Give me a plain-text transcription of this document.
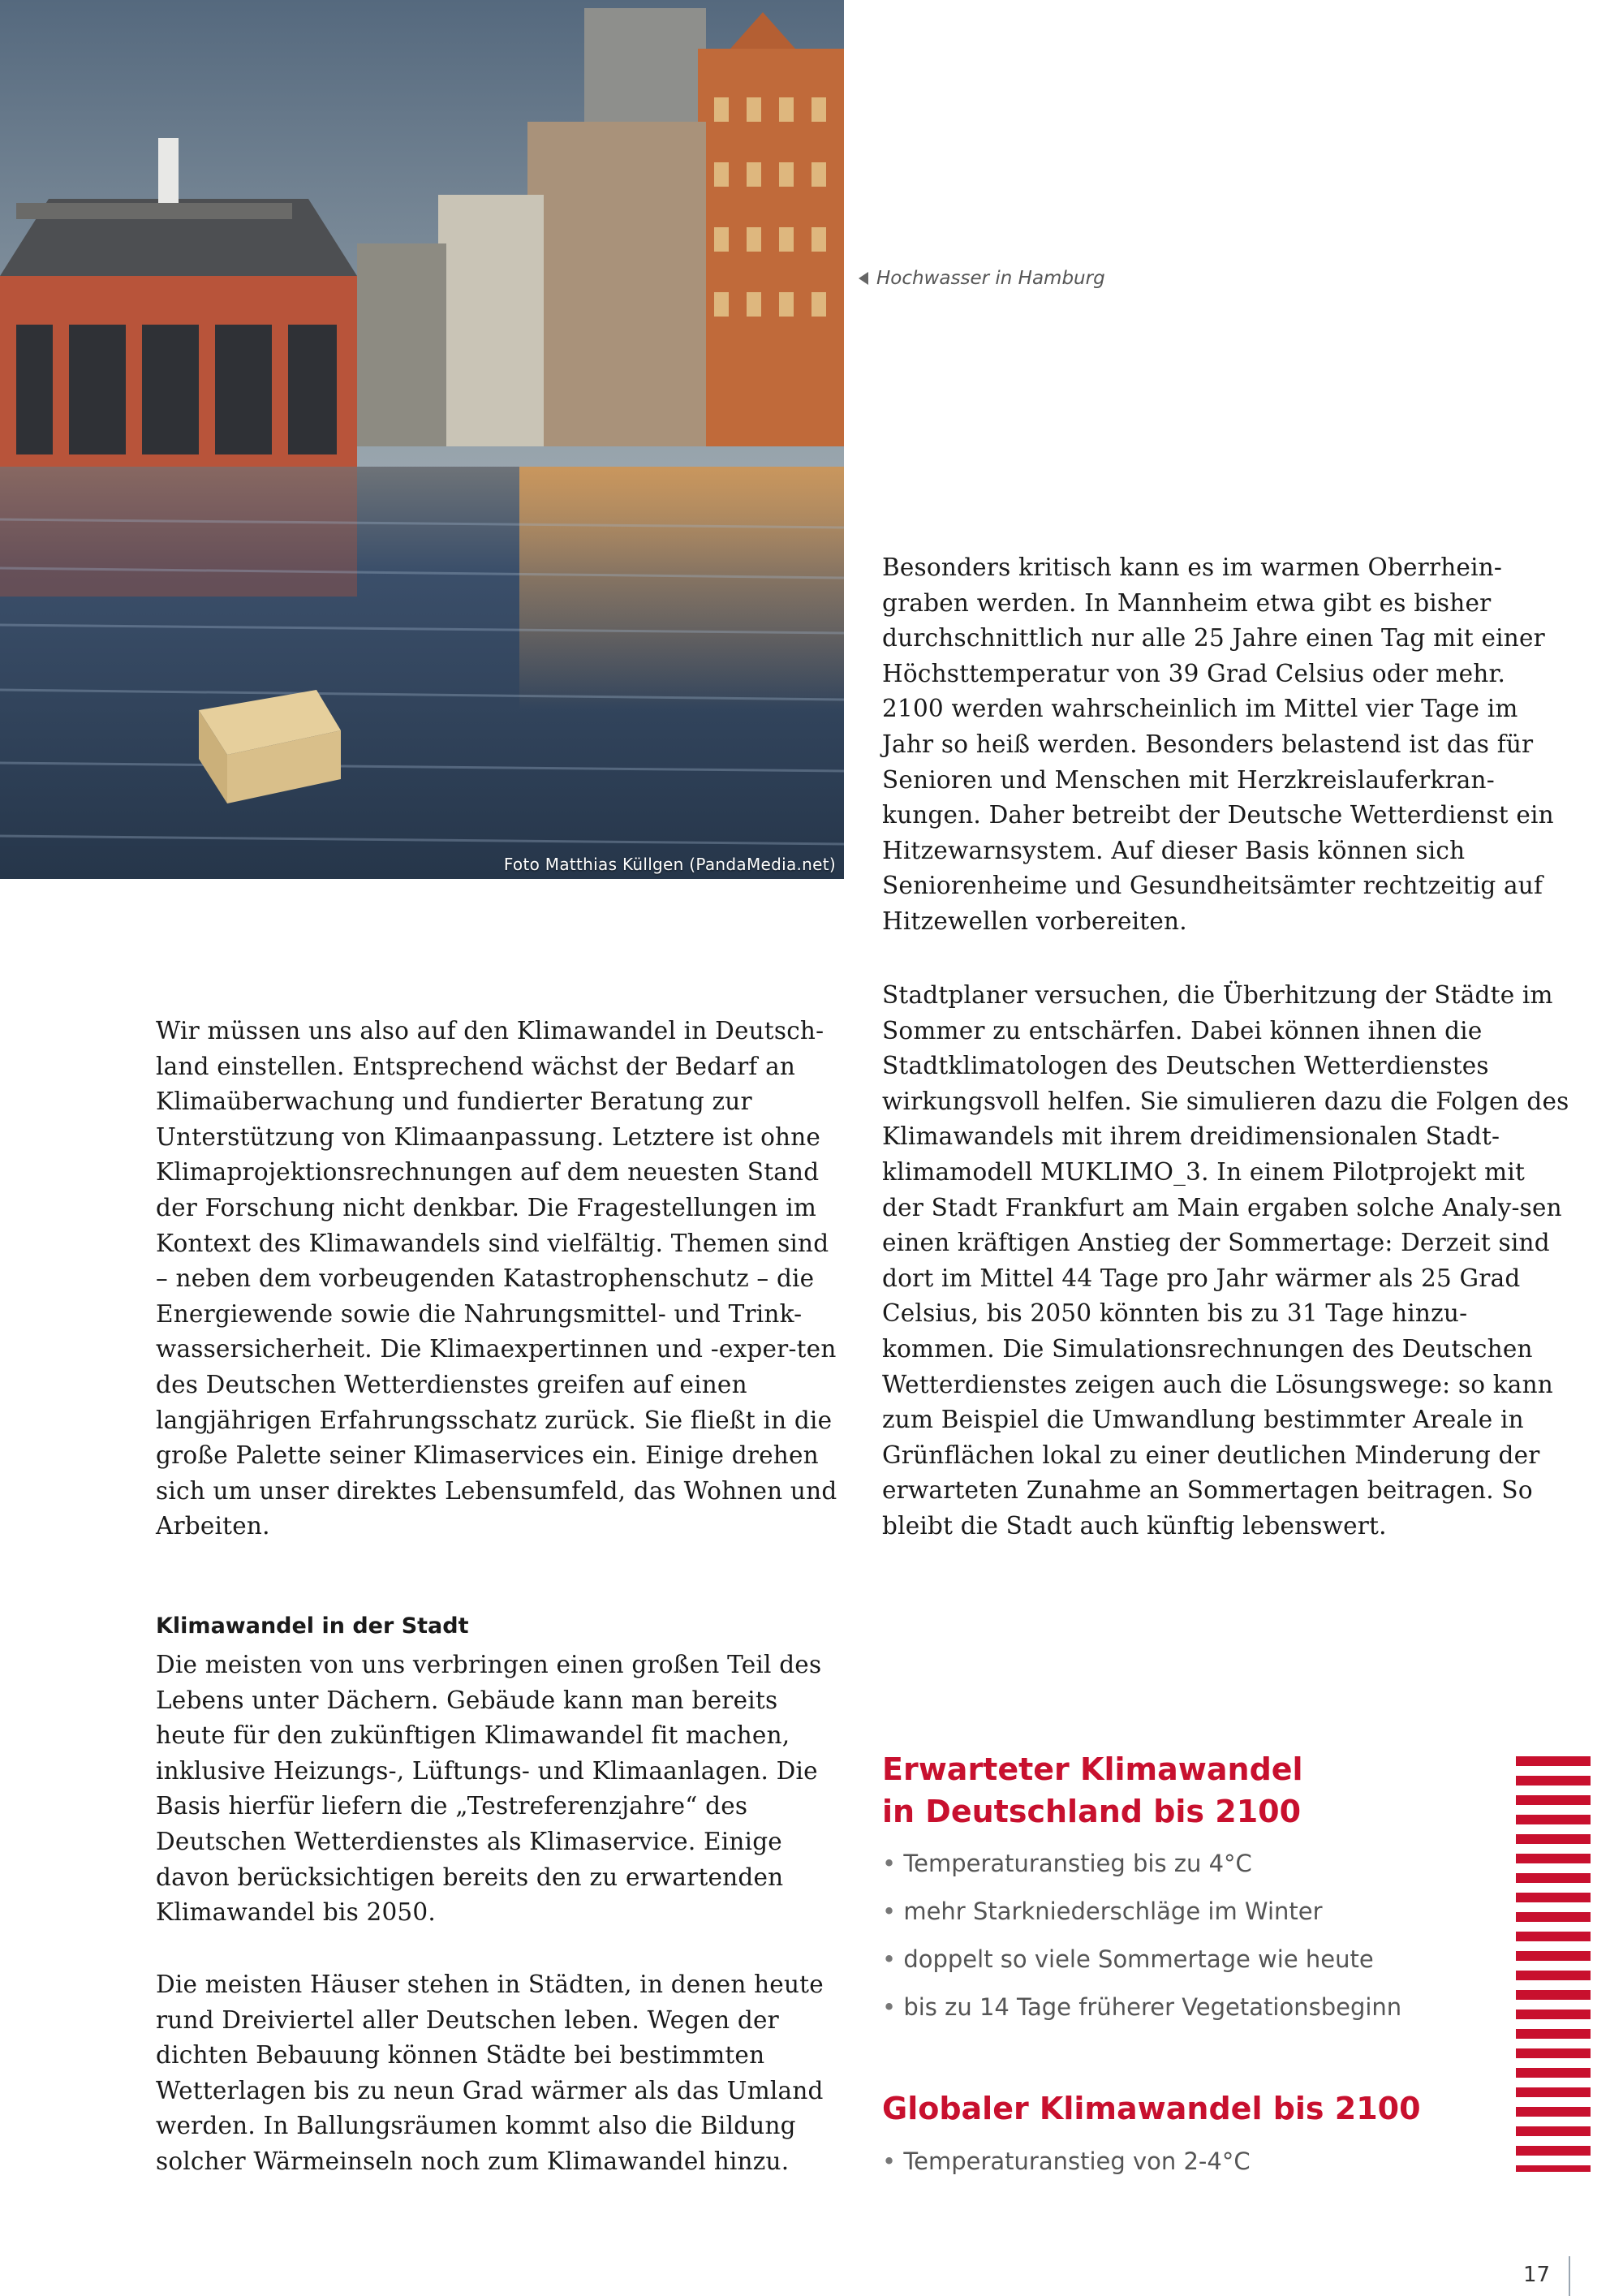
Foto Matthias Küllgen (PandaMedia.net)
Hochwasser in Hamburg

Wir müssen uns also auf den Klimawandel in Deutsch-land einstellen. Entsprechend wächst der Bedarf an Klimaüberwachung und fundierter Beratung zur Unterstützung von Klimaanpassung. Letztere ist ohne Klimaprojektionsrechnungen auf dem neuesten Stand der Forschung nicht denkbar. Die Fragestellungen im Kontext des Klimawandels sind vielfältig. Themen sind – neben dem vorbeugenden Katastrophenschutz – die Energiewende sowie die Nahrungsmittel- und Trink-wassersicherheit. Die Klimaexpertinnen und -exper-ten des Deutschen Wetterdienstes greifen auf einen langjährigen Erfahrungsschatz zurück. Sie fließt in die große Palette seiner Klimaservices ein. Einige drehen sich um unser direktes Lebensumfeld, das Wohnen und Arbeiten.

Klimawandel in der Stadt

Die meisten von uns verbringen einen großen Teil des Lebens unter Dächern. Gebäude kann man bereits heute für den zukünftigen Klimawandel fit machen, inklusive Heizungs-, Lüftungs- und Klimaanlagen. Die Basis hierfür liefern die „Testreferenzjahre“ des Deutschen Wetterdienstes als Klimaservice. Einige davon berücksichtigen bereits den zu erwartenden Klimawandel bis 2050.

Die meisten Häuser stehen in Städten, in denen heute rund Dreiviertel aller Deutschen leben. Wegen der dichten Bebauung können Städte bei bestimmten Wetterlagen bis zu neun Grad wärmer als das Umland werden. In Ballungsräumen kommt also die Bildung solcher Wärmeinseln noch zum Klimawandel hinzu.

Besonders kritisch kann es im warmen Oberrhein-graben werden. In Mannheim etwa gibt es bisher durchschnittlich nur alle 25 Jahre einen Tag mit einer Höchsttemperatur von 39 Grad Celsius oder mehr. 2100 werden wahrscheinlich im Mittel vier Tage im Jahr so heiß werden. Besonders belastend ist das für Senioren und Menschen mit Herzkreislauferkran-kungen. Daher betreibt der Deutsche Wetterdienst ein Hitzewarnsystem. Auf dieser Basis können sich Seniorenheime und Gesundheitsämter rechtzeitig auf Hitzewellen vorbereiten.

Stadtplaner versuchen, die Überhitzung der Städte im Sommer zu entschärfen. Dabei können ihnen die Stadtklimatologen des Deutschen Wetterdienstes wirkungsvoll helfen. Sie simulieren dazu die Folgen des Klimawandels mit ihrem dreidimensionalen Stadt-klimamodell MUKLIMO_3. In einem Pilotprojekt mit der Stadt Frankfurt am Main ergaben solche Analy-sen einen kräftigen Anstieg der Sommertage: Derzeit sind dort im Mittel 44 Tage pro Jahr wärmer als 25 Grad Celsius, bis 2050 könnten bis zu 31 Tage hinzu-kommen. Die Simulationsrechnungen des Deutschen Wetterdienstes zeigen auch die Lösungswege: so kann zum Beispiel die Umwandlung bestimmter Areale in Grünflächen lokal zu einer deutlichen Minderung der erwarteten Zunahme an Sommertagen beitragen. So bleibt die Stadt auch künftig lebenswert.

Erwarteter Klimawandel
in Deutschland bis 2100
• Temperaturanstieg bis zu 4°C
• mehr Starkniederschläge im Winter
• doppelt so viele Sommertage wie heute
• bis zu 14 Tage früherer Vegetationsbeginn
Globaler Klimawandel bis 2100
• Temperaturanstieg von 2-4°C
17
